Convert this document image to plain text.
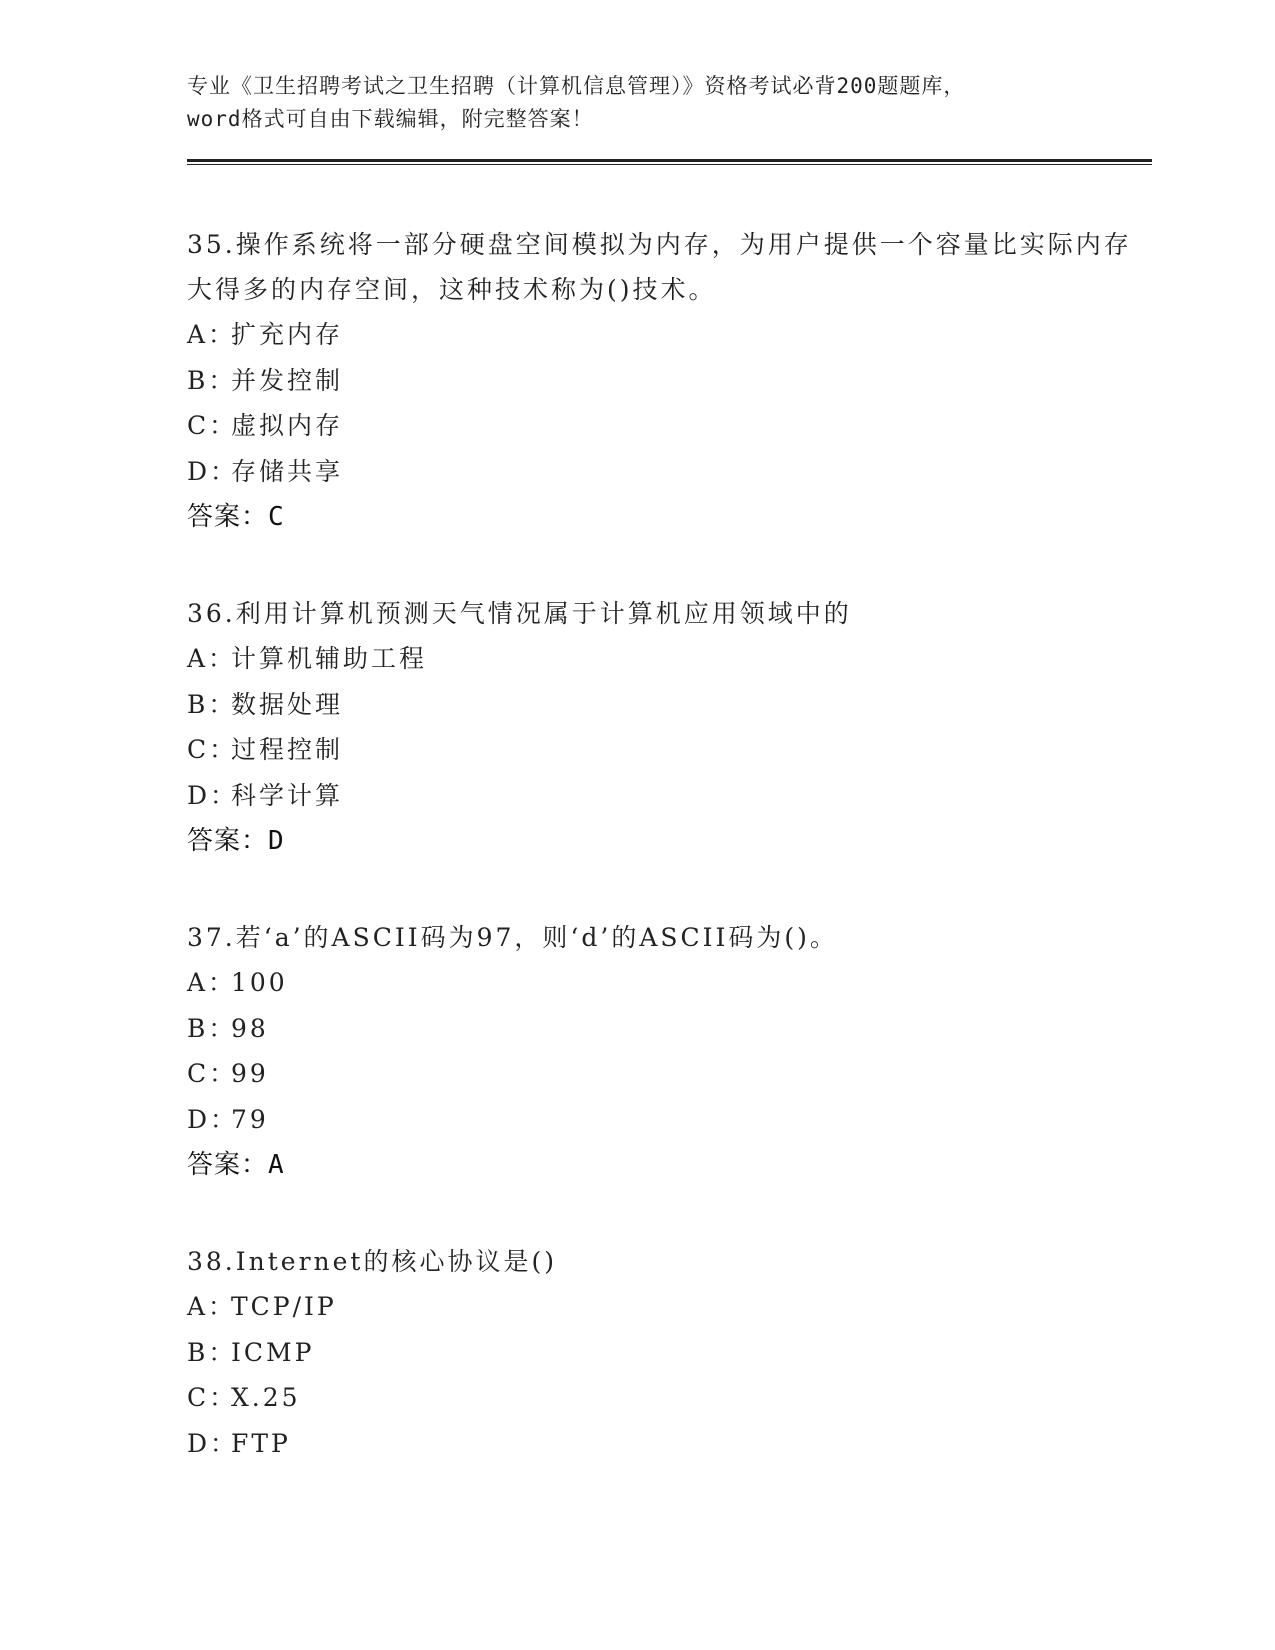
专业《卫生招聘考试之卫生招聘（计算机信息管理）》资格考试必背200题题库，
word格式可自由下载编辑，附完整答案！
35.操作系统将一部分硬盘空间模拟为内存，为用户提供一个容量比实际内存大得多的内存空间，这种技术称为()技术。
A：扩充内存
B：并发控制
C：虚拟内存
D：存储共享
答案：C
36.利用计算机预测天气情况属于计算机应用领域中的
A：计算机辅助工程
B：数据处理
C：过程控制
D：科学计算
答案：D
37.若‘a’的ASCII码为97，则‘d’的ASCII码为()。
A：100
B：98
C：99
D：79
答案：A
38.Internet的核心协议是()
A：TCP/IP
B：ICMP
C：X.25
D：FTP
